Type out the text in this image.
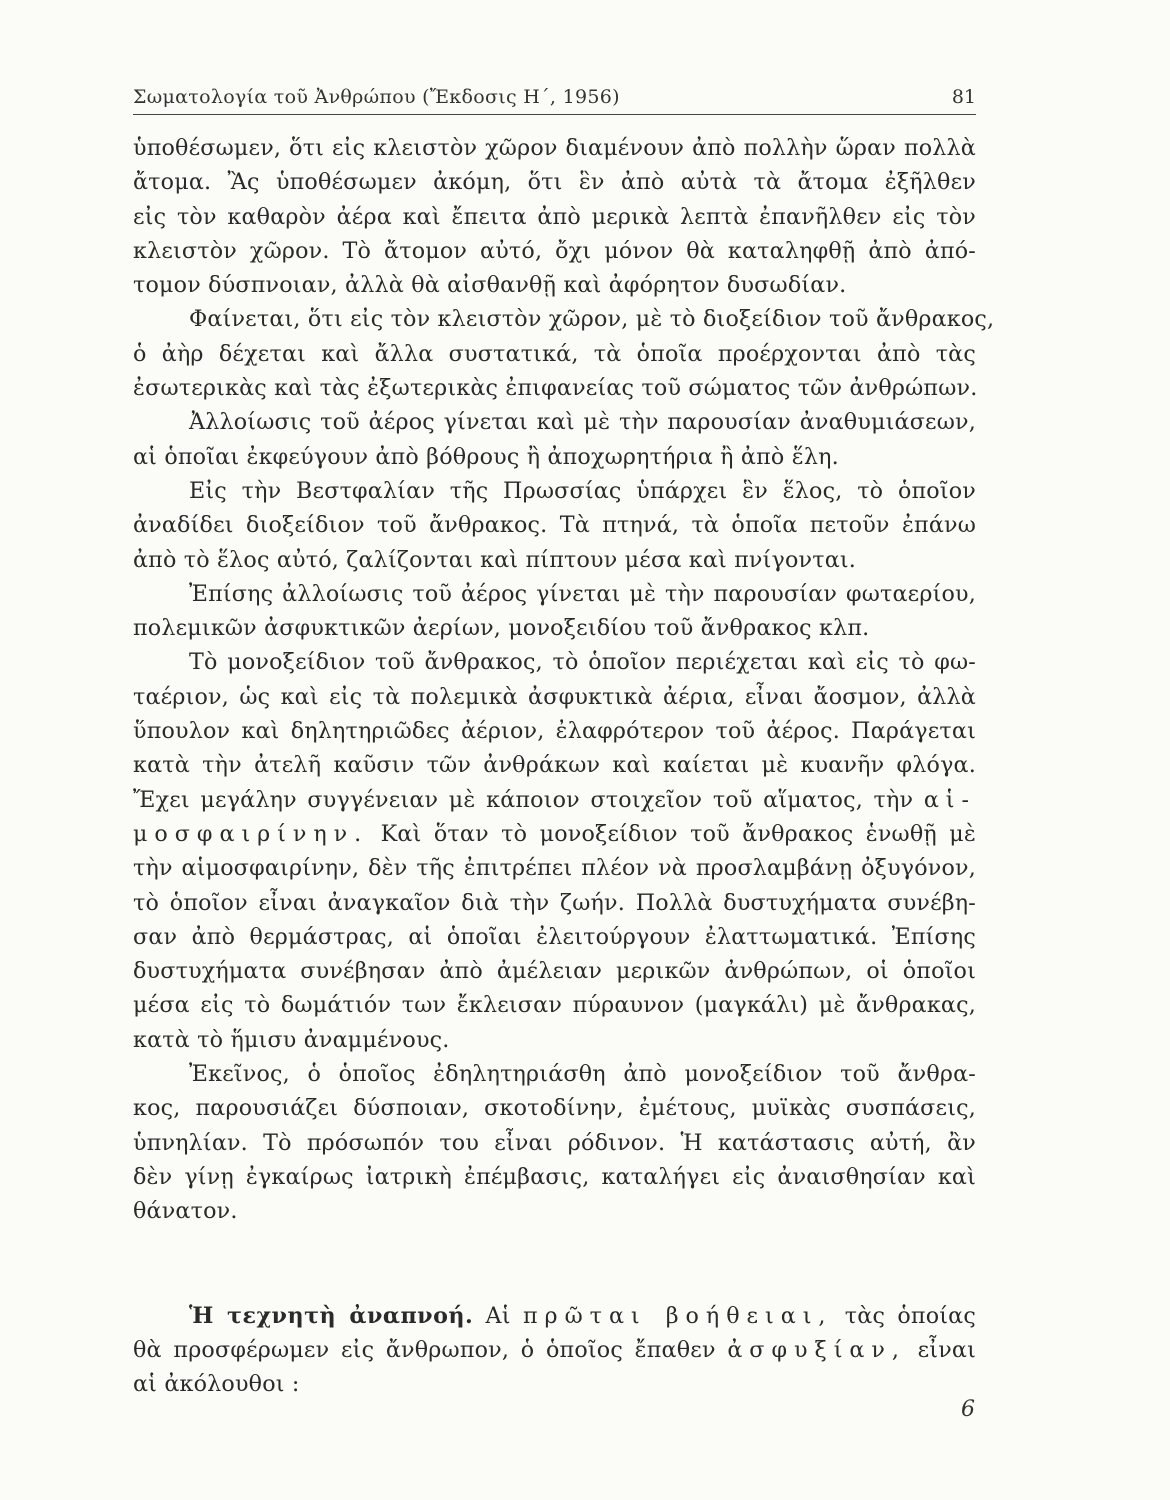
Σωματολογία τοῦ Ἀνθρώπου (Ἔκδοσις Η΄, 1956)	81
ὑποθέσωμεν, ὅτι εἰς κλειστὸν χῶρον διαμένουν ἀπὸ πολλὴν ὥραν πολλὰ
ἄτομα. Ἂς ὑποθέσωμεν ἀκόμη, ὅτι ἓν ἀπὸ αὐτὰ τὰ ἄτομα ἐξῆλθεν
εἰς τὸν καθαρὸν ἀέρα καὶ ἔπειτα ἀπὸ μερικὰ λεπτὰ ἐπανῆλθεν εἰς τὸν
κλειστὸν χῶρον. Τὸ ἄτομον αὐτό, ὄχι μόνον θὰ καταληφθῇ ἀπὸ ἀπό-
τομον δύσπνοιαν, ἀλλὰ θὰ αἰσθανθῇ καὶ ἀφόρητον δυσωδίαν.
Φαίνεται, ὅτι εἰς τὸν κλειστὸν χῶρον, μὲ τὸ διοξείδιον τοῦ ἄνθρακος,
ὁ ἀὴρ δέχεται καὶ ἄλλα συστατικά, τὰ ὁποῖα προέρχονται ἀπὸ τὰς
ἐσωτερικὰς καὶ τὰς ἐξωτερικὰς ἐπιφανείας τοῦ σώματος τῶν ἀνθρώπων.
Ἀλλοίωσις τοῦ ἀέρος γίνεται καὶ μὲ τὴν παρουσίαν ἀναθυμιάσεων,
αἱ ὁποῖαι ἐκφεύγουν ἀπὸ βόθρους ἢ ἀποχωρητήρια ἢ ἀπὸ ἕλη.
Εἰς τὴν Βεστφαλίαν τῆς Πρωσσίας ὑπάρχει ἓν ἕλος, τὸ ὁποῖον
ἀναδίδει διοξείδιον τοῦ ἄνθρακος. Τὰ πτηνά, τὰ ὁποῖα πετοῦν ἐπάνω
ἀπὸ τὸ ἕλος αὐτό, ζαλίζονται καὶ πίπτουν μέσα καὶ πνίγονται.
Ἐπίσης ἀλλοίωσις τοῦ ἀέρος γίνεται μὲ τὴν παρουσίαν φωταερίου,
πολεμικῶν ἀσφυκτικῶν ἀερίων, μονοξειδίου τοῦ ἄνθρακος κλπ.
Τὸ μονοξείδιον τοῦ ἄνθρακος, τὸ ὁποῖον περιέχεται καὶ εἰς τὸ φω-
ταέριον, ὡς καὶ εἰς τὰ πολεμικὰ ἀσφυκτικὰ ἀέρια, εἶναι ἄοσμον, ἀλλὰ
ὕπουλον καὶ δηλητηριῶδες ἀέριον, ἐλαφρότερον τοῦ ἀέρος. Παράγεται
κατὰ τὴν ἀτελῆ καῦσιν τῶν ἀνθράκων καὶ καίεται μὲ κυανῆν φλόγα.
Ἔχει μεγάλην συγγένειαν μὲ κάποιον στοιχεῖον τοῦ αἵματος, τὴν αἱ-
μοσφαιρίνην. Καὶ ὅταν τὸ μονοξείδιον τοῦ ἄνθρακος ἑνωθῇ μὲ
τὴν αἱμοσφαιρίνην, δὲν τῆς ἐπιτρέπει πλέον νὰ προσλαμβάνῃ ὀξυγόνον,
τὸ ὁποῖον εἶναι ἀναγκαῖον διὰ τὴν ζωήν. Πολλὰ δυστυχήματα συνέβη-
σαν ἀπὸ θερμάστρας, αἱ ὁποῖαι ἐλειτούργουν ἐλαττωματικά. Ἐπίσης
δυστυχήματα συνέβησαν ἀπὸ ἀμέλειαν μερικῶν ἀνθρώπων, οἱ ὁποῖοι
μέσα εἰς τὸ δωμάτιόν των ἔκλεισαν πύραυνον (μαγκάλι) μὲ ἄνθρακας,
κατὰ τὸ ἥμισυ ἀναμμένους.
Ἐκεῖνος, ὁ ὁποῖος ἐδηλητηριάσθη ἀπὸ μονοξείδιον τοῦ ἄνθρα-
κος, παρουσιάζει δύσποιαν, σκοτοδίνην, ἐμέτους, μυϊκὰς συσπάσεις,
ὑπνηλίαν. Τὸ πρόσωπόν του εἶναι ρόδινον. Ἡ κατάστασις αὐτή, ἂν
δὲν γίνῃ ἐγκαίρως ἰατρικὴ ἐπέμβασις, καταλήγει εἰς ἀναισθησίαν καὶ
θάνατον.
Ἡ τεχνητὴ ἀναπνοή. Αἱ πρῶται βοήθειαι, τὰς ὁποίας
θὰ προσφέρωμεν εἰς ἄνθρωπον, ὁ ὁποῖος ἔπαθεν ἀσφυξίαν, εἶναι
αἱ ἀκόλουθοι :
6
